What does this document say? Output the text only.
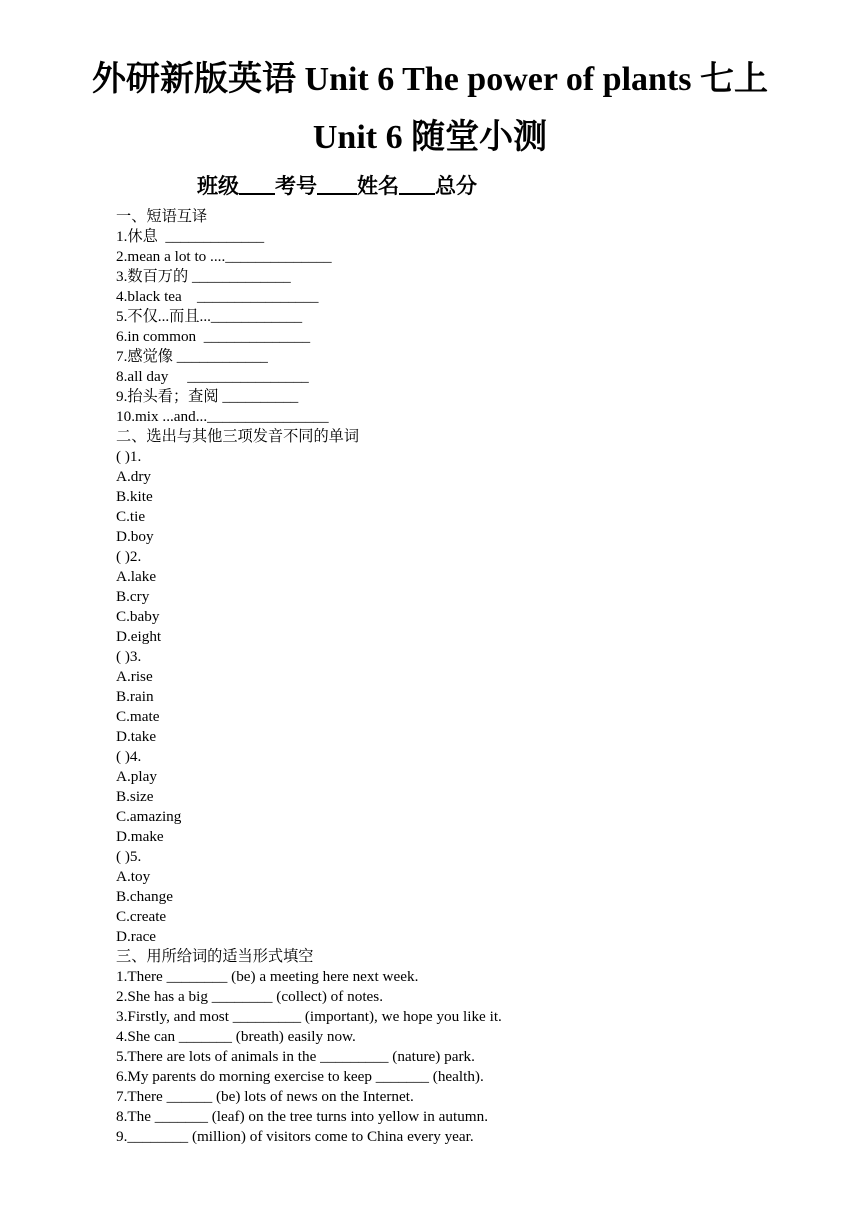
外研新版英语 Unit 6 The power of plants 七上
Unit 6 随堂小测
班级 考号 姓名 总分
一、短语互译
1.休息  _____________
2.mean a lot to ....______________
3.数百万的 _____________
4.black tea    ________________
5.不仅...而且...____________
6.in common  ______________
7.感觉像 ____________
8.all day     ________________
9.抬头看；查阅 __________
10.mix ...and...________________
二、选出与其他三项发音不同的单词
( )1.
A.dry
B.kite
C.tie
D.boy
( )2.
A.lake
B.cry
C.baby
D.eight
( )3.
A.rise
B.rain
C.mate
D.take
( )4.
A.play
B.size
C.amazing
D.make
( )5.
A.toy
B.change
C.create
D.race
三、用所给词的适当形式填空
1.There ________ (be) a meeting here next week.
2.She has a big ________ (collect) of notes.
3.Firstly, and most _________ (important), we hope you like it.
4.She can _______ (breath) easily now.
5.There are lots of animals in the _________ (nature) park.
6.My parents do morning exercise to keep _______ (health).
7.There ______ (be) lots of news on the Internet.
8.The _______ (leaf) on the tree turns into yellow in autumn.
9.________ (million) of visitors come to China every year.
